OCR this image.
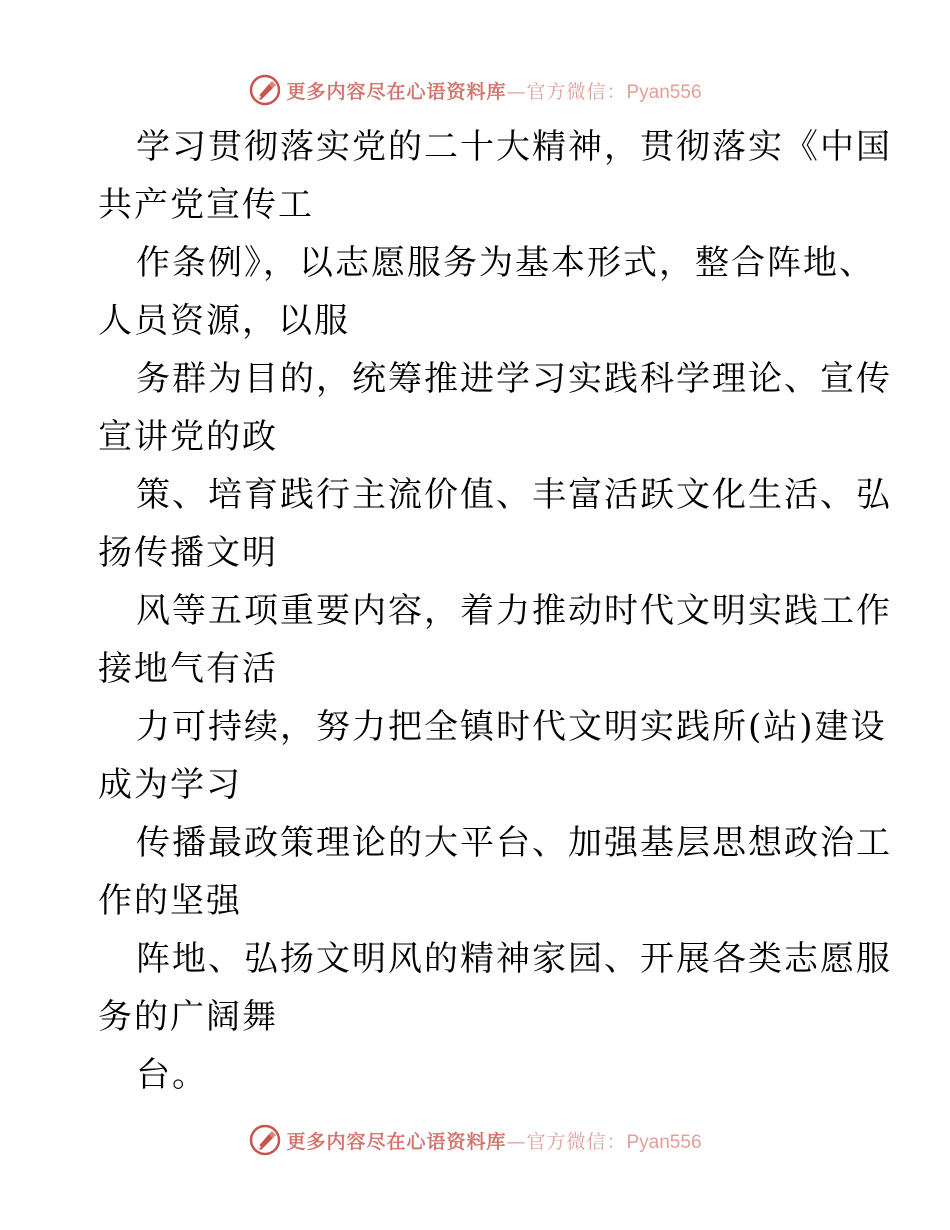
更多内容尽在心语资料库—官方微信：Pyan556
学习贯彻落实党的二十大精神，贯彻落实《中国
共产党宣传工
作条例》，以志愿服务为基本形式，整合阵地、
人员资源，以服
务群为目的，统筹推进学习实践科学理论、宣传
宣讲党的政
策、培育践行主流价值、丰富活跃文化生活、弘
扬传播文明
风等五项重要内容，着力推动时代文明实践工作
接地气有活
力可持续，努力把全镇时代文明实践所(站)建设
成为学习
传播最政策理论的大平台、加强基层思想政治工
作的坚强
阵地、弘扬文明风的精神家园、开展各类志愿服
务的广阔舞
台。
更多内容尽在心语资料库—官方微信：Pyan556
